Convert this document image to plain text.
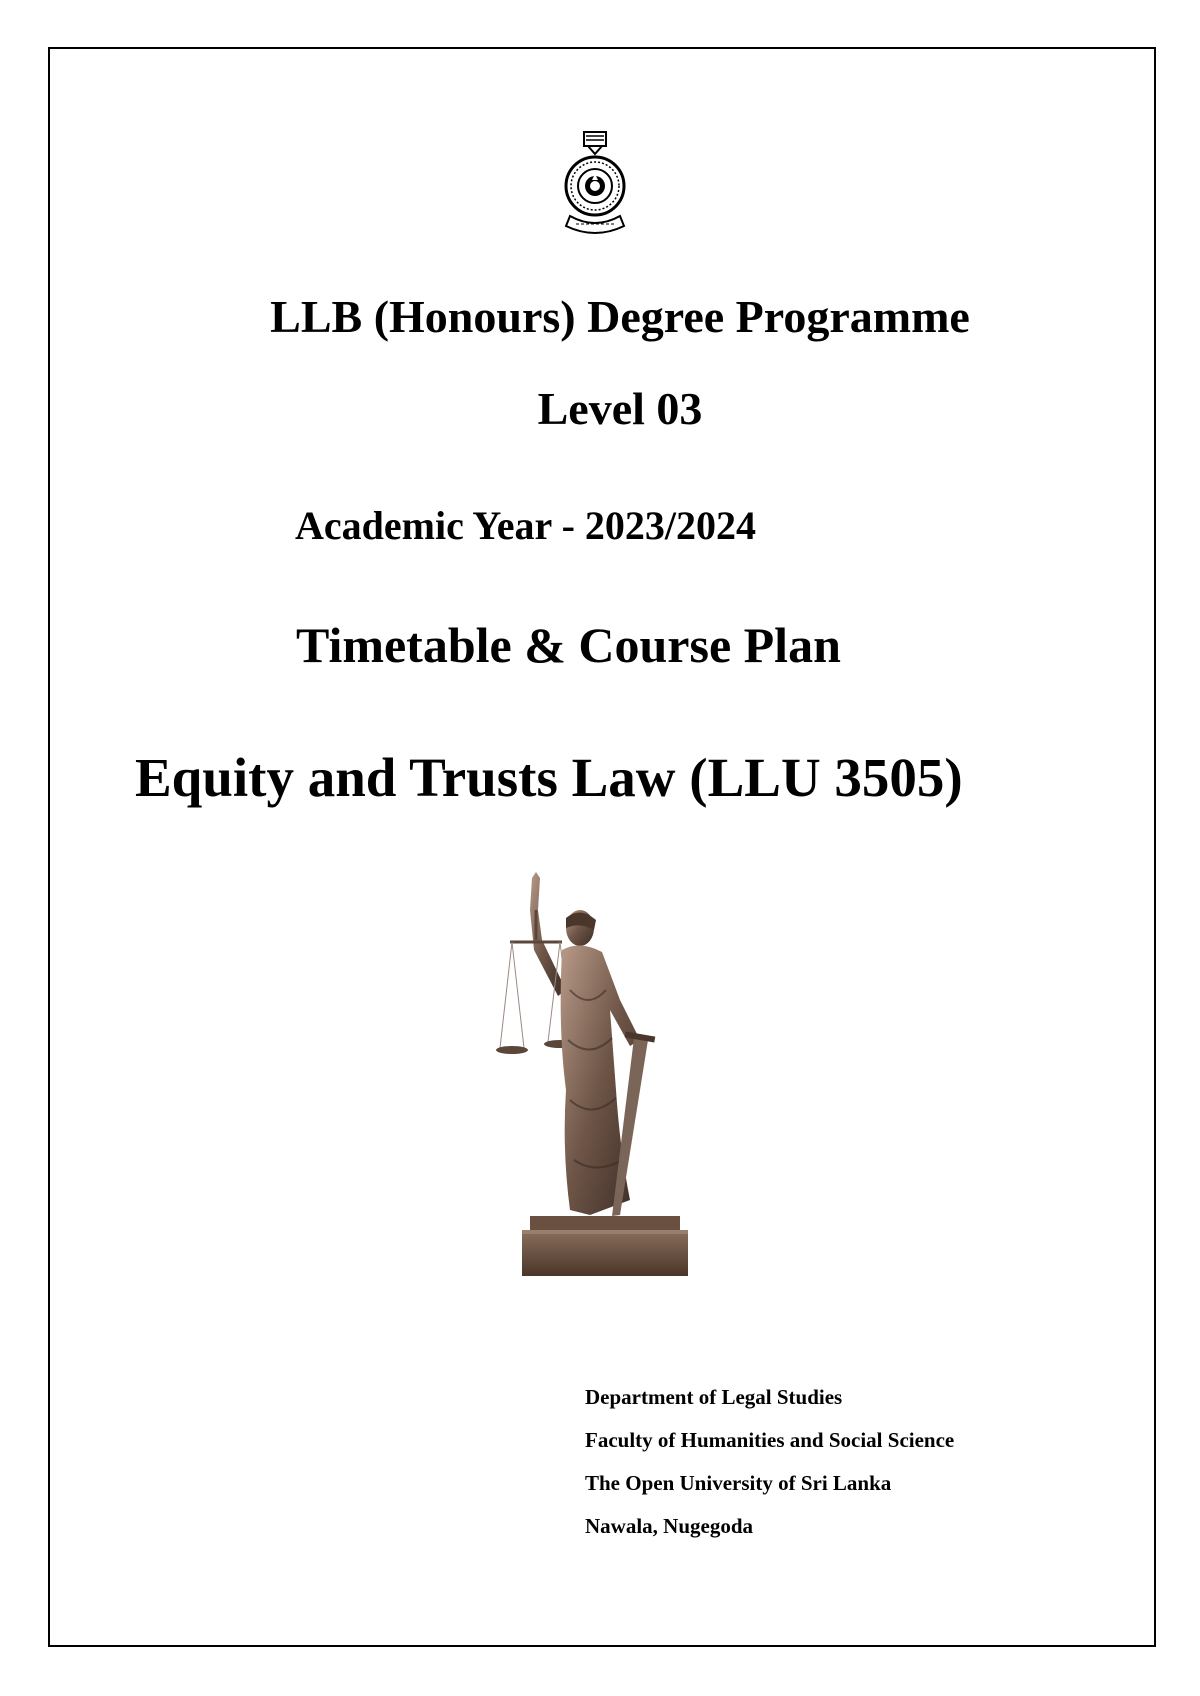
LLB (Honours) Degree Programme
Level 03
Academic Year - 2023/2024
Timetable & Course Plan
Equity and Trusts Law (LLU 3505)
Department of Legal Studies
Faculty of Humanities and Social Science
The Open University of Sri Lanka
Nawala, Nugegoda
